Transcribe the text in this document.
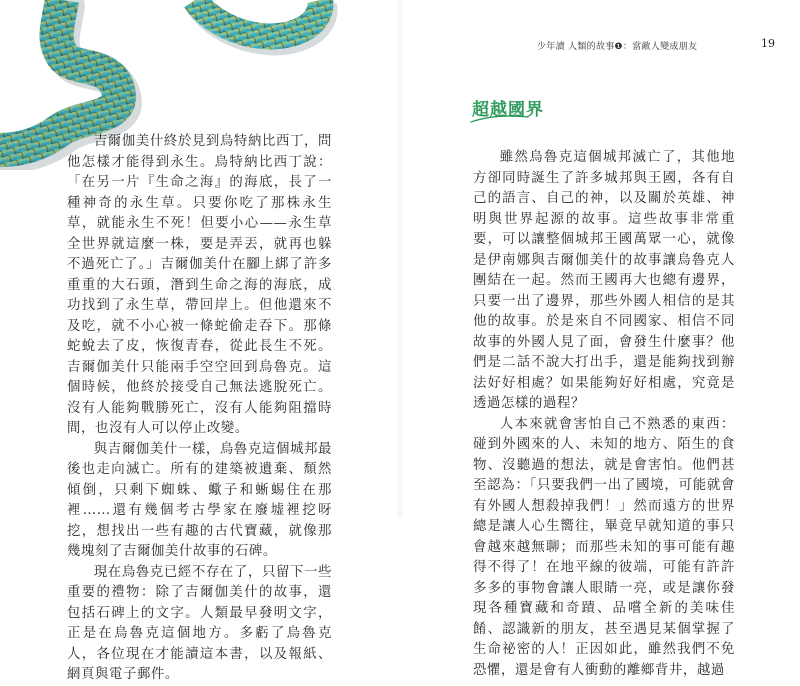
吉爾伽美什終於見到烏特納比西丁，問他怎樣才能得到永生。烏特納比西丁說：「在另一片『生命之海』的海底，長了一種神奇的永生草。只要你吃了那株永生草，就能永生不死！但要小心——永生草全世界就這麼一株，要是弄丟，就再也躲不過死亡了。」吉爾伽美什在腳上綁了許多重重的大石頭，潛到生命之海的海底，成功找到了永生草，帶回岸上。但他還來不及吃，就不小心被一條蛇偷走吞下。那條蛇蛻去了皮，恢復青春，從此長生不死。吉爾伽美什只能兩手空空回到烏魯克。這個時候，他終於接受自己無法逃脫死亡。沒有人能夠戰勝死亡，沒有人能夠阻擋時間，也沒有人可以停止改變。

與吉爾伽美什一樣，烏魯克這個城邦最後也走向滅亡。所有的建築被遺棄、頹然傾倒，只剩下蜘蛛、蠍子和蜥蜴住在那裡……還有幾個考古學家在廢墟裡挖呀挖，想找出一些有趣的古代寶藏，就像那幾塊刻了吉爾伽美什故事的石碑。

現在烏魯克已經不存在了，只留下一些重要的禮物：除了吉爾伽美什的故事，還包括石碑上的文字。人類最早發明文字，正是在烏魯克這個地方。多虧了烏魯克人，各位現在才能讀這本書，以及報紙、網頁與電子郵件。

少年讀 人類的故事❶：當敵人變成朋友	19
超越國界

雖然烏魯克這個城邦滅亡了，其他地方卻同時誕生了許多城邦與王國，各有自己的語言、自己的神，以及關於英雄、神明與世界起源的故事。這些故事非常重要，可以讓整個城邦王國萬眾一心，就像是伊南娜與吉爾伽美什的故事讓烏魯克人團結在一起。然而王國再大也總有邊界，只要一出了邊界，那些外國人相信的是其他的故事。於是來自不同國家、相信不同故事的外國人見了面，會發生什麼事？他們是二話不說大打出手，還是能夠找到辦法好好相處？如果能夠好好相處，究竟是透過怎樣的過程？

人本來就會害怕自己不熟悉的東西：碰到外國來的人、未知的地方、陌生的食物、沒聽過的想法，就是會害怕。他們甚至認為：「只要我們一出了國境，可能就會有外國人想殺掉我們！」然而遠方的世界總是讓人心生嚮往，畢竟早就知道的事只會越來越無聊；而那些未知的事可能有趣得不得了！在地平線的彼端，可能有許許多多的事物會讓人眼睛一亮，或是讓你發現各種寶藏和奇蹟、品嚐全新的美味佳餚、認識新的朋友，甚至遇見某個掌握了生命祕密的人！正因如此，雖然我們不免恐懼，還是會有人衝動的離鄉背井，越過
